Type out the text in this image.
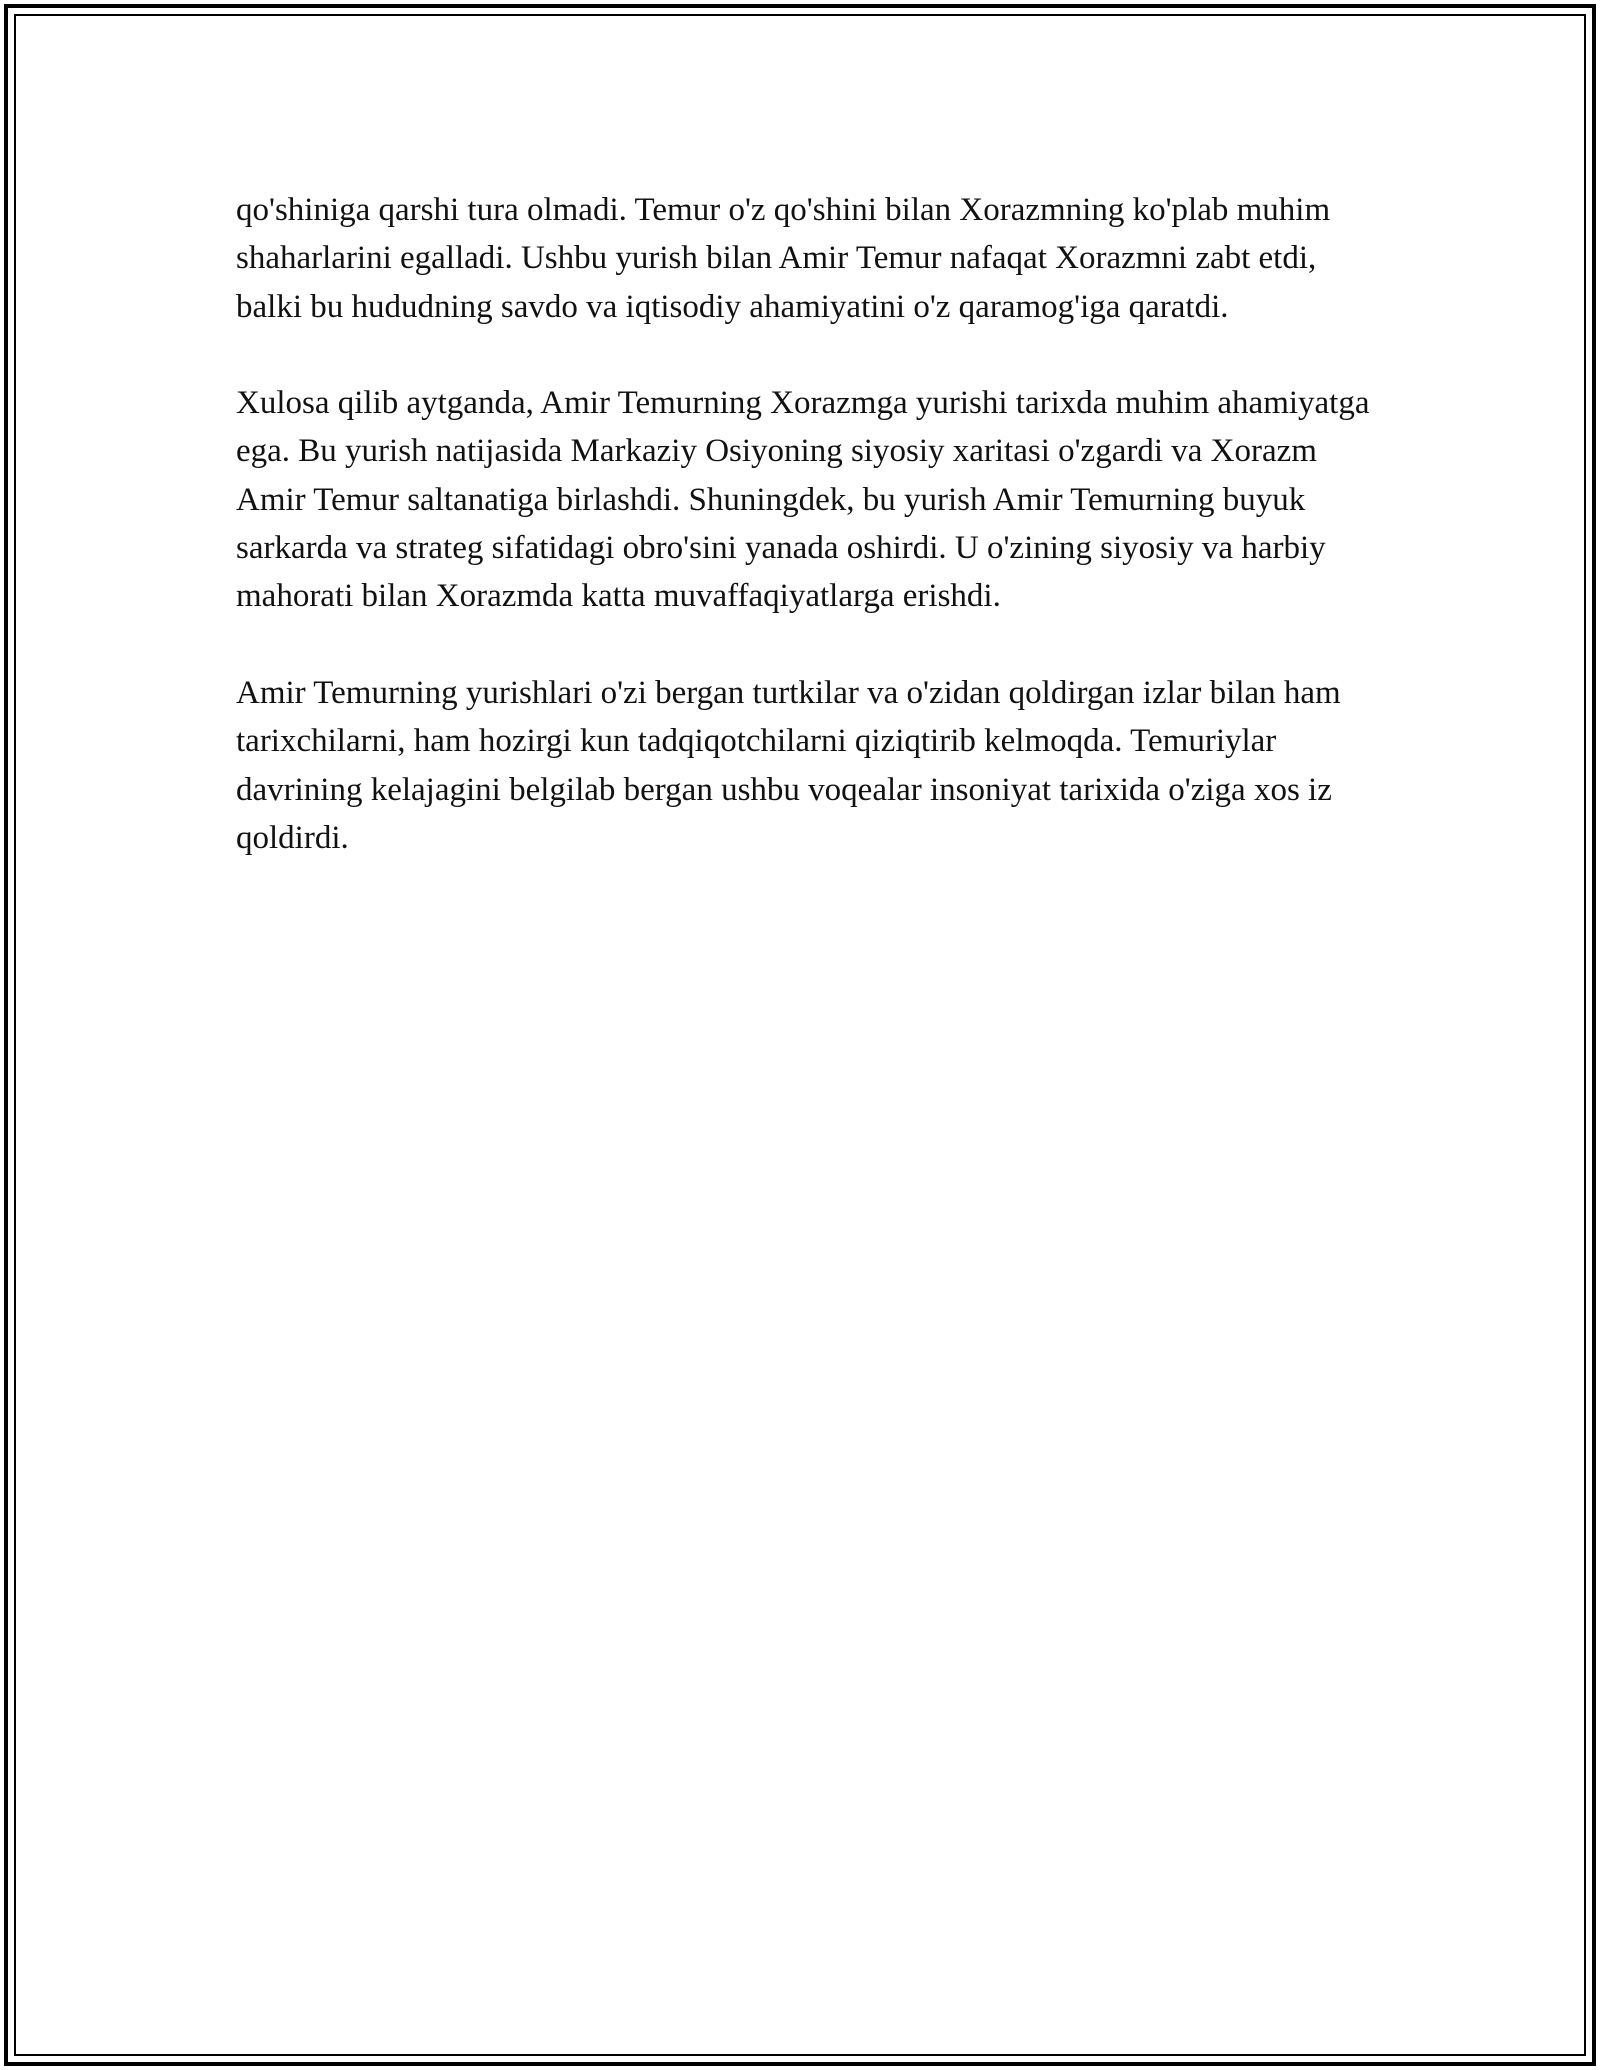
qo'shiniga qarshi tura olmadi. Temur o'z qo'shini bilan Xorazmning ko'plab muhim shaharlarini egalladi. Ushbu yurish bilan Amir Temur nafaqat Xorazmni zabt etdi, balki bu hududning savdo va iqtisodiy ahamiyatini o'z qaramog'iga qaratdi.

Xulosa qilib aytganda, Amir Temurning Xorazmga yurishi tarixda muhim ahamiyatga ega. Bu yurish natijasida Markaziy Osiyoning siyosiy xaritasi o'zgardi va Xorazm Amir Temur saltanatiga birlashdi. Shuningdek, bu yurish Amir Temurning buyuk sarkarda va strateg sifatidagi obro'sini yanada oshirdi. U o'zining siyosiy va harbiy mahorati bilan Xorazmda katta muvaffaqiyatlarga erishdi.

Amir Temurning yurishlari o'zi bergan turtkilar va o'zidan qoldirgan izlar bilan ham tarixchilarni, ham hozirgi kun tadqiqotchilarni qiziqtirib kelmoqda. Temuriylar davrining kelajagini belgilab bergan ushbu voqealar insoniyat tarixida o'ziga xos iz qoldirdi.
